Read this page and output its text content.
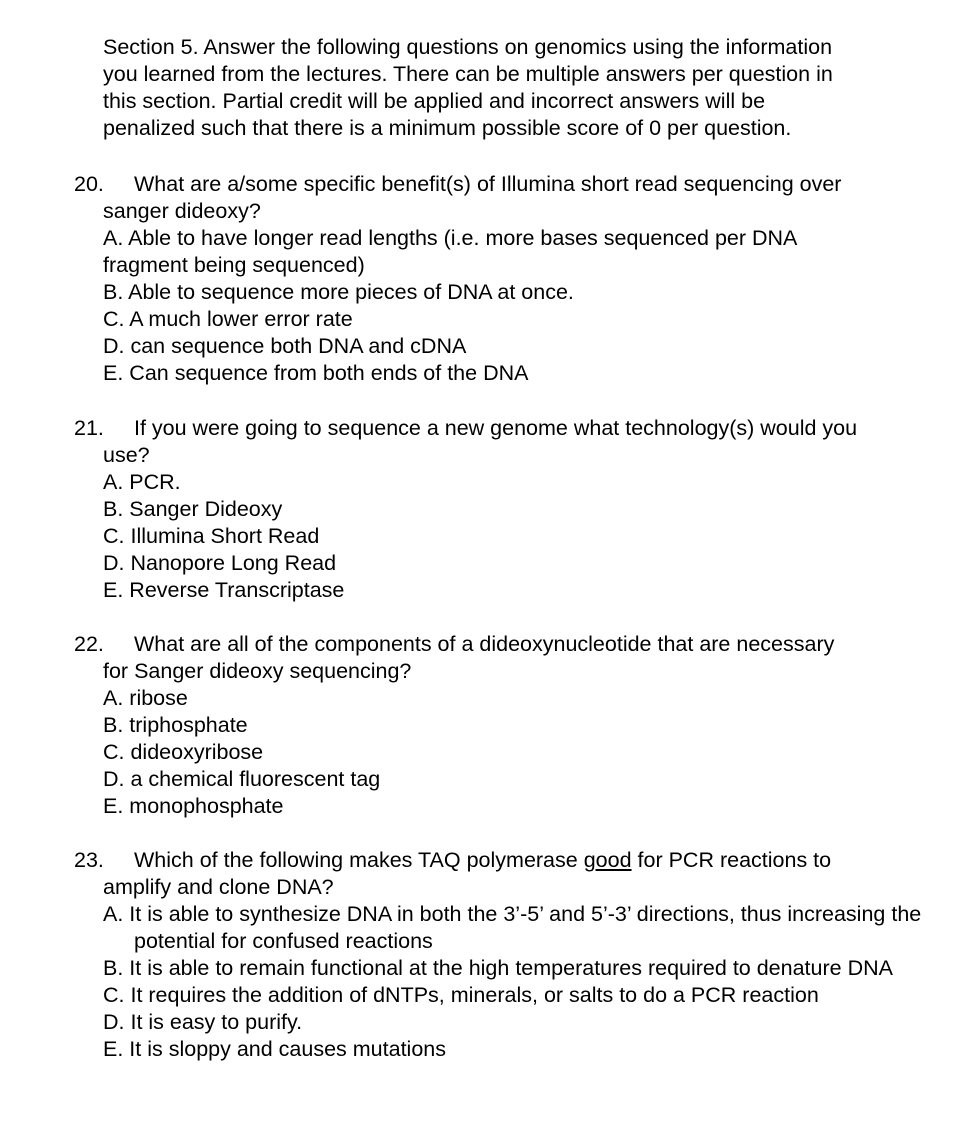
Section 5. Answer the following questions on genomics using the information
you learned from the lectures. There can be multiple answers per question in
this section. Partial credit will be applied and incorrect answers will be
penalized such that there is a minimum possible score of 0 per question.
20. What are a/some specific benefit(s) of Illumina short read sequencing over
sanger dideoxy?
A. Able to have longer read lengths (i.e. more bases sequenced per DNA
fragment being sequenced)
B. Able to sequence more pieces of DNA at once.
C. A much lower error rate
D. can sequence both DNA and cDNA
E. Can sequence from both ends of the DNA
21. If you were going to sequence a new genome what technology(s) would you
use?
A. PCR.
B. Sanger Dideoxy
C. Illumina Short Read
D. Nanopore Long Read
E. Reverse Transcriptase
22. What are all of the components of a dideoxynucleotide that are necessary
for Sanger dideoxy sequencing?
A. ribose
B. triphosphate
C. dideoxyribose
D. a chemical fluorescent tag
E. monophosphate
23. Which of the following makes TAQ polymerase good for PCR reactions to
amplify and clone DNA?
A. It is able to synthesize DNA in both the 3’-5’ and 5’-3’ directions, thus increasing the potential for confused reactions
B. It is able to remain functional at the high temperatures required to denature DNA
C. It requires the addition of dNTPs, minerals, or salts to do a PCR reaction
D. It is easy to purify.
E. It is sloppy and causes mutations
